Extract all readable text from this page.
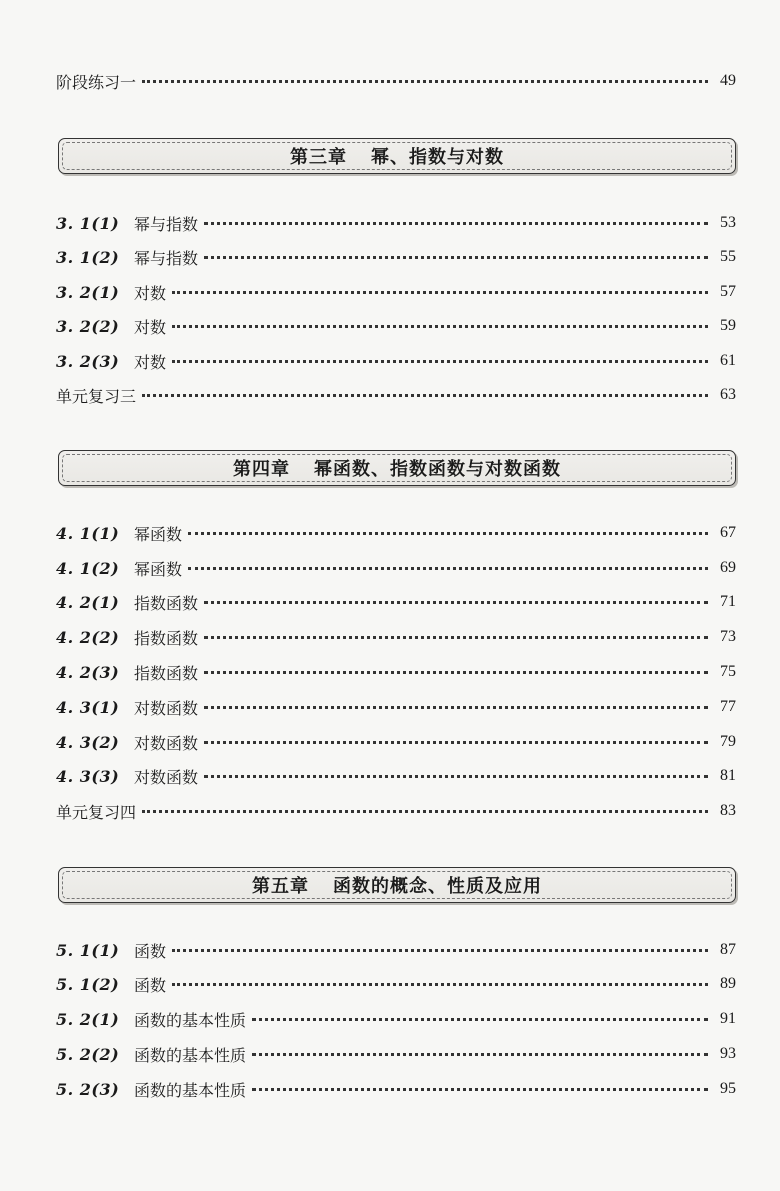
阶段练习一	49
第三章 幂、指数与对数
3. 1(1) 幂与指数	53
3. 1(2) 幂与指数	55
3. 2(1) 对数	57
3. 2(2) 对数	59
3. 2(3) 对数	61
单元复习三	63
第四章 幂函数、指数函数与对数函数
4. 1(1) 幂函数	67
4. 1(2) 幂函数	69
4. 2(1) 指数函数	71
4. 2(2) 指数函数	73
4. 2(3) 指数函数	75
4. 3(1) 对数函数	77
4. 3(2) 对数函数	79
4. 3(3) 对数函数	81
单元复习四	83
第五章 函数的概念、性质及应用
5. 1(1) 函数	87
5. 1(2) 函数	89
5. 2(1) 函数的基本性质	91
5. 2(2) 函数的基本性质	93
5. 2(3) 函数的基本性质	95
